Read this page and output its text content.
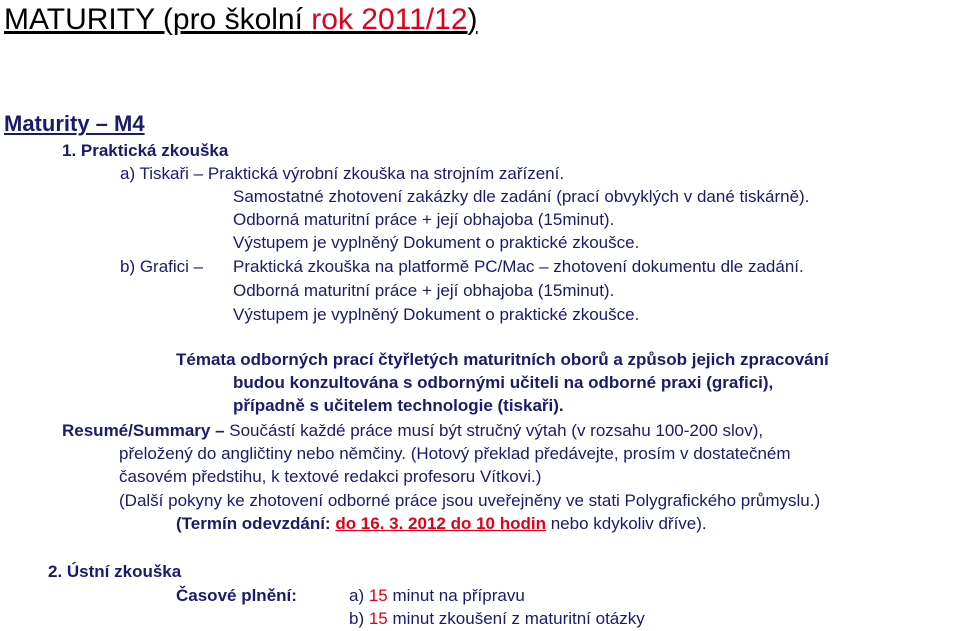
MATURITY (pro školní rok 2011/12)
Maturity – M4
1. Praktická zkouška
a) Tiskaři – Praktická výrobní zkouška na strojním zařízení.
Samostatné zhotovení zakázky dle zadání (prací obvyklých v dané tiskárně).
Odborná maturitní práce + její obhajoba (15minut).
Výstupem je vyplněný Dokument o praktické zkoušce.
b) Grafici –Praktická zkouška na platformě PC/Mac – zhotovení dokumentu dle zadání.
Odborná maturitní práce + její obhajoba (15minut).
Výstupem je vyplněný Dokument o praktické zkoušce.
Témata odborných prací čtyřletých maturitních oborů a způsob jejich zpracování
budou konzultována s odbornými učiteli na odborné praxi (grafici),
případně s učitelem technologie (tiskaři).
Resumé/Summary – Součástí každé práce musí být stručný výtah (v rozsahu 100-200 slov),
přeložený do angličtiny nebo němčiny. (Hotový překlad předávejte, prosím v dostatečném
časovém předstihu, k textové redakci profesoru Vítkovi.)
(Další pokyny ke zhotovení odborné práce jsou uveřejněny ve stati Polygrafického průmyslu.)
(Termín odevzdání: do 16. 3. 2012 do 10 hodin nebo kdykoliv dříve).
2. Ústní zkouška
Časové plnění:	a) 15 minut na přípravu
b) 15 minut zkoušení z maturitní otázky
